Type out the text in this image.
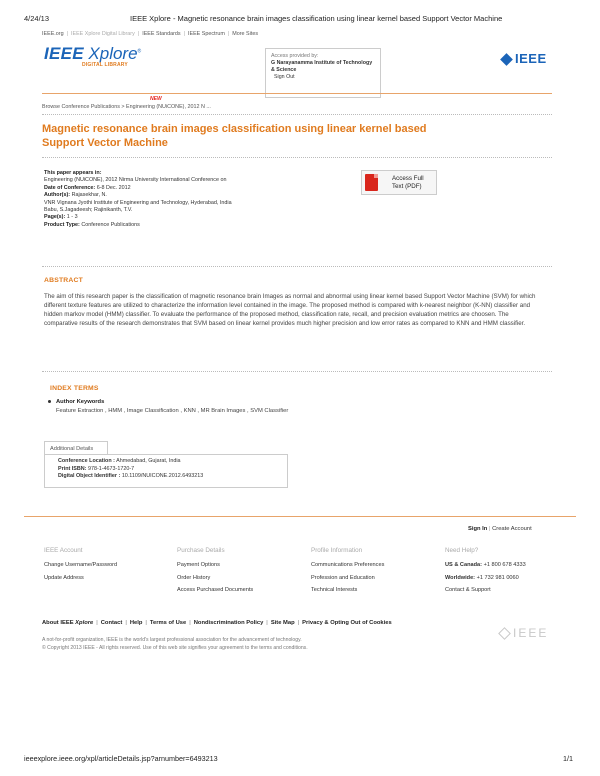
4/24/13	IEEE Xplore - Magnetic resonance brain images classification using linear kernel based Support Vector Machine
IEEE.org | IEEE Xplore Digital Library | IEEE Standards | IEEE Spectrum | More Sites
IEEE Xplore®
DIGITAL LIBRARY
Access provided by:
G Narayanamma Institute of Technology & Science
Sign Out
IEEE
NEW
Browse Conference Publications > Engineering (NUiCONE), 2012 N ...
Magnetic resonance brain images classification using linear kernel based Support Vector Machine
This paper appears in:
Engineering (NUiCONE), 2012 Nirma University International Conference on
Date of Conference: 6-8 Dec. 2012
Author(s): Rajasekhar, N.
VNR Vignana Jyothi Institute of Engineering and Technology, Hyderabad, India
Babu, S.Jagadeesh; Rajinikanth, T.V.
Page(s): 1 - 3
Product Type: Conference Publications
Access Full
Text (PDF)
ABSTRACT
The aim of this research paper is the classification of magnetic resonance brain Images as normal and abnormal using linear kernel based Support Vector Machine (SVM) for which different texture features are utilized to characterize the information level contained in the image. The proposed method is compared with k-nearest neighbor (K-NN) classifier and hidden markov model (HMM) classifier. To evaluate the performance of the proposed method, classification rate, recall, and precision evaluation metrics are choosen. The comparative results of the research demonstrates that SVM based on linear kernel provides much higher precision and low error rates as compared to KNN and HMM classifier.
INDEX TERMS
Author Keywords
Feature Extraction , HMM , Image Classification , KNN , MR Brain Images , SVM Classifier
Additional Details
Conference Location : Ahmedabad, Gujarat, India
Print ISBN: 978-1-4673-1720-7
Digital Object Identifier : 10.1109/NUICONE.2012.6493213
Sign In | Create Account
IEEE Account
Change Username/Password
Update Address
Purchase Details
Payment Options
Order History
Access Purchased Documents
Profile Information
Communications Preferences
Profession and Education
Technical Interests
Need Help?
US & Canada: +1 800 678 4333
Worldwide: +1 732 981 0060
Contact & Support
About IEEE Xplore | Contact | Help | Terms of Use | Nondiscrimination Policy | Site Map | Privacy & Opting Out of Cookies
A not-for-profit organization, IEEE is the world's largest professional association for the advancement of technology.
© Copyright 2013 IEEE - All rights reserved. Use of this web site signifies your agreement to the terms and conditions.
IEEE
ieeexplore.ieee.org/xpl/articleDetails.jsp?arnumber=6493213	1/1
